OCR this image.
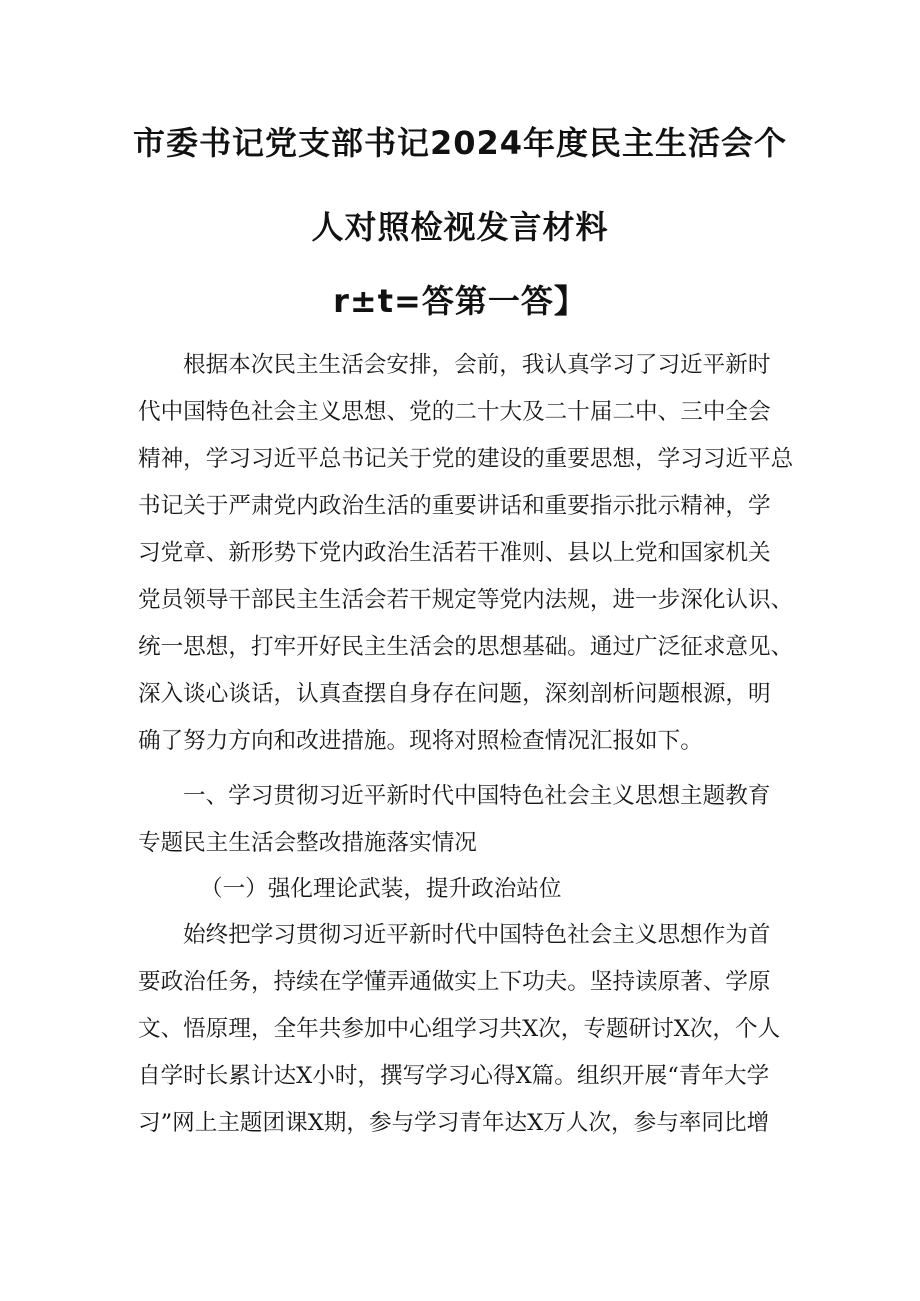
市委书记党支部书记2024年度民主生活会个
人对照检视发言材料
r±t=答第一答】
根据本次民主生活会安排，会前，我认真学习了习近平新时
代中国特色社会主义思想、党的二十大及二十届二中、三中全会
精神，学习习近平总书记关于党的建设的重要思想，学习习近平总
书记关于严肃党内政治生活的重要讲话和重要指示批示精神，学
习党章、新形势下党内政治生活若干准则、县以上党和国家机关
党员领导干部民主生活会若干规定等党内法规，进一步深化认识、
统一思想，打牢开好民主生活会的思想基础。通过广泛征求意见、
深入谈心谈话，认真查摆自身存在问题，深刻剖析问题根源，明
确了努力方向和改进措施。现将对照检查情况汇报如下。
一、学习贯彻习近平新时代中国特色社会主义思想主题教育
专题民主生活会整改措施落实情况
（一）强化理论武装，提升政治站位
始终把学习贯彻习近平新时代中国特色社会主义思想作为首
要政治任务，持续在学懂弄通做实上下功夫。坚持读原著、学原
文、悟原理，全年共参加中心组学习共X次，专题研讨X次，个人
自学时长累计达X小时，撰写学习心得X篇。组织开展“青年大学
习”网上主题团课X期，参与学习青年达X万人次，参与率同比增
